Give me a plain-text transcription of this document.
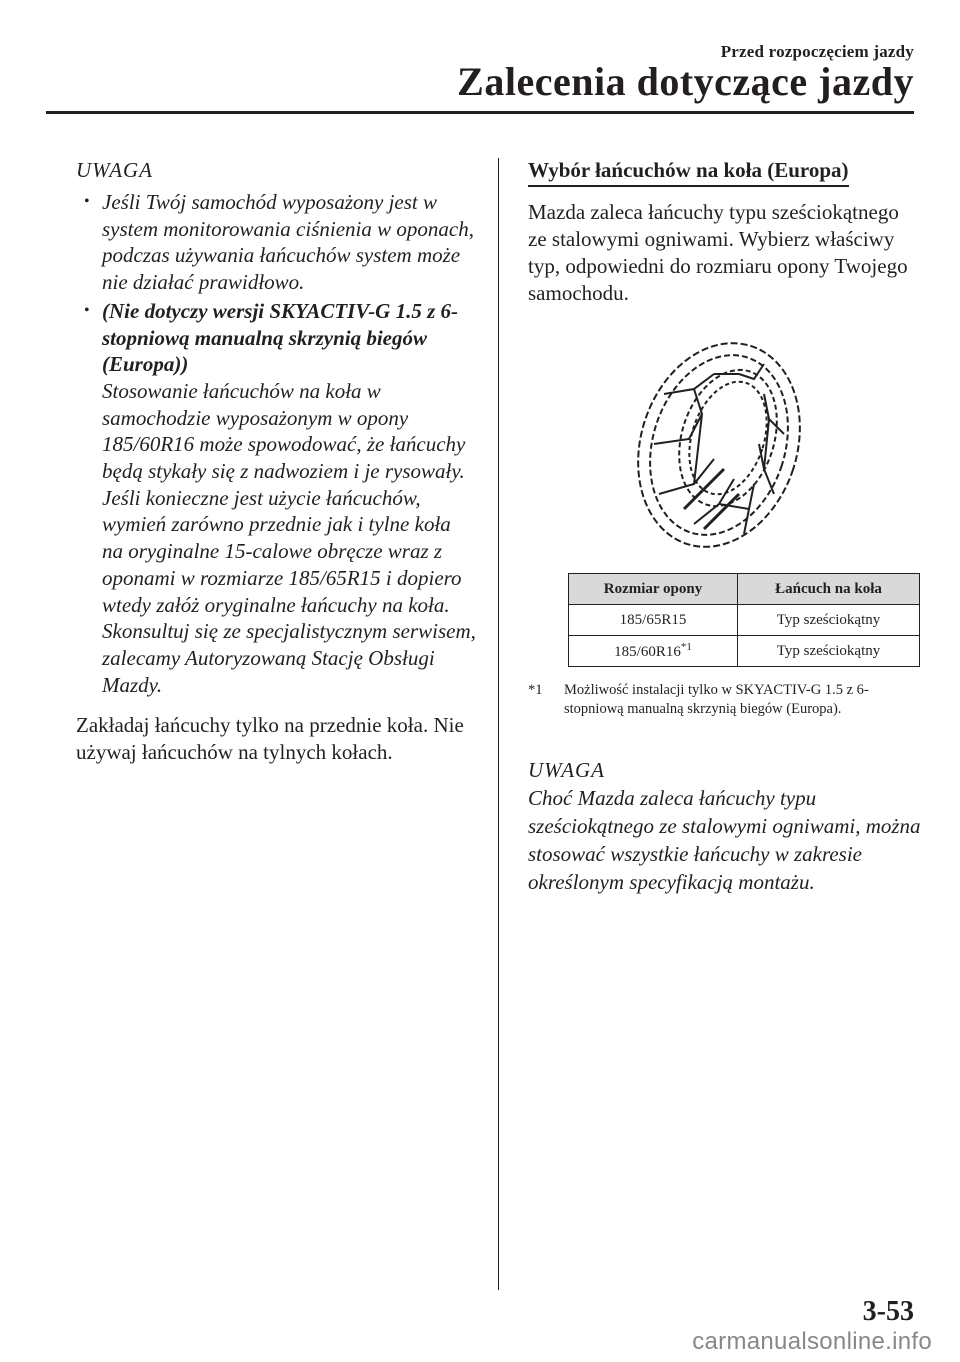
Przed rozpoczęciem jazdy
Zalecenia dotyczące jazdy
UWAGA
• Jeśli Twój samochód wyposażony jest w system monitorowania ciśnienia w oponach, podczas używania łańcuchów system może nie działać prawidłowo.
• (Nie dotyczy wersji SKYACTIV-G 1.5 z 6-stopniową manualną skrzynią biegów (Europa))
Stosowanie łańcuchów na koła w samochodzie wyposażonym w opony 185/60R16 może spowodować, że łańcuchy będą stykały się z nadwoziem i je rysowały. Jeśli konieczne jest użycie łańcuchów, wymień zarówno przednie jak i tylne koła na oryginalne 15-calowe obręcze wraz z oponami w rozmiarze 185/65R15 i dopiero wtedy załóż oryginalne łańcuchy na koła. Skonsultuj się ze specjalistycznym serwisem, zalecamy Autoryzowaną Stację Obsługi Mazdy.

Zakładaj łańcuchy tylko na przednie koła. Nie używaj łańcuchów na tylnych kołach.

Wybór łańcuchów na koła (Europa)

Mazda zaleca łańcuchy typu sześciokątnego ze stalowymi ogniwami. Wybierz właściwy typ, odpowiedni do rozmiaru opony Twojego samochodu.

Rozmiar opony	Łańcuch na koła
185/65R15	Typ sześciokątny
185/60R16$^{*1}$	Typ sześciokątny
*1	Możliwość instalacji tylko w SKYACTIV-G 1.5 z 6-stopniową manualną skrzynią biegów (Europa).
UWAGA
Choć Mazda zaleca łańcuchy typu sześciokątnego ze stalowymi ogniwami, można stosować wszystkie łańcuchy w zakresie określonym specyfikacją montażu.
3-53
carmanualsonline.info
